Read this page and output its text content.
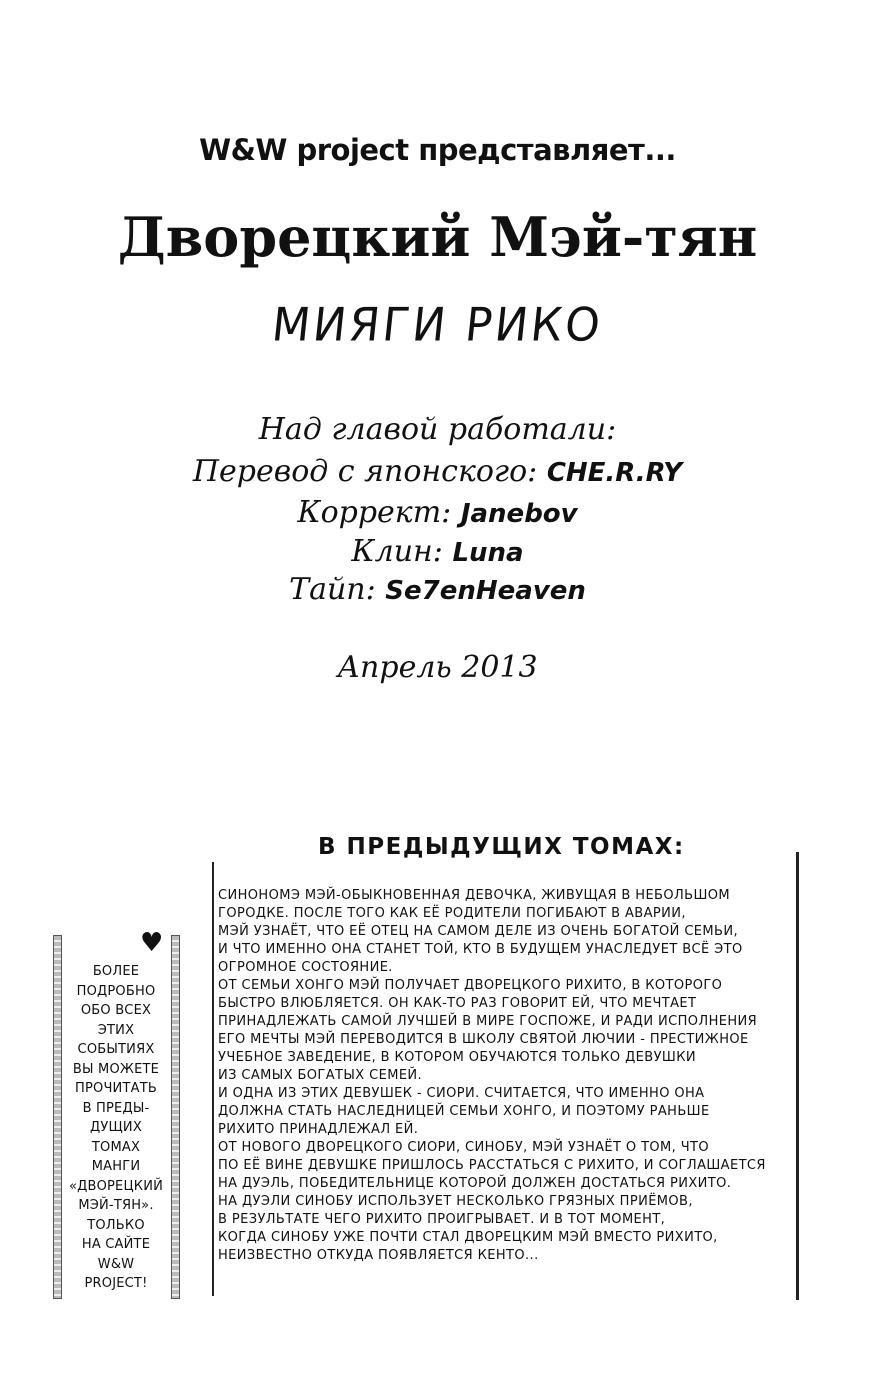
W&W project представляет...
Дворецкий Мэй-тян
МИЯГИ РИКО
Над главой работали:
Перевод с японского: CHE.R.RY
Коррект: Janebov
Клин: Luna
Тайп: Se7enHeaven
Апрель 2013
В ПРЕДЫДУЩИХ ТОМАХ:

СИНОНОМЭ МЭЙ-ОБЫКНОВЕННАЯ ДЕВОЧКА, ЖИВУЩАЯ В НЕБОЛЬШОМ

ГОРОДКЕ. ПОСЛЕ ТОГО КАК ЕЁ РОДИТЕЛИ ПОГИБАЮТ В АВАРИИ,

МЭЙ УЗНАЁТ, ЧТО ЕЁ ОТЕЦ НА САМОМ ДЕЛЕ ИЗ ОЧЕНЬ БОГАТОЙ СЕМЬИ,

И ЧТО ИМЕННО ОНА СТАНЕТ ТОЙ, КТО В БУДУЩЕМ УНАСЛЕДУЕТ ВСЁ ЭТО

ОГРОМНОЕ СОСТОЯНИЕ.

ОТ СЕМЬИ ХОНГО МЭЙ ПОЛУЧАЕТ ДВОРЕЦКОГО РИХИТО, В КОТОРОГО

БЫСТРО ВЛЮБЛЯЕТСЯ. ОН КАК-ТО РАЗ ГОВОРИТ ЕЙ, ЧТО МЕЧТАЕТ

ПРИНАДЛЕЖАТЬ САМОЙ ЛУЧШЕЙ В МИРЕ ГОСПОЖЕ, И РАДИ ИСПОЛНЕНИЯ

ЕГО МЕЧТЫ МЭЙ ПЕРЕВОДИТСЯ В ШКОЛУ СВЯТОЙ ЛЮЧИИ - ПРЕСТИЖНОЕ

УЧЕБНОЕ ЗАВЕДЕНИЕ, В КОТОРОМ ОБУЧАЮТСЯ ТОЛЬКО ДЕВУШКИ

ИЗ САМЫХ БОГАТЫХ СЕМЕЙ.

И ОДНА ИЗ ЭТИХ ДЕВУШЕК - СИОРИ. СЧИТАЕТСЯ, ЧТО ИМЕННО ОНА

ДОЛЖНА СТАТЬ НАСЛЕДНИЦЕЙ СЕМЬИ ХОНГО, И ПОЭТОМУ РАНЬШЕ

РИХИТО ПРИНАДЛЕЖАЛ ЕЙ.

ОТ НОВОГО ДВОРЕЦКОГО СИОРИ, СИНОБУ, МЭЙ УЗНАЁТ О ТОМ, ЧТО

ПО ЕЁ ВИНЕ ДЕВУШКЕ ПРИШЛОСЬ РАССТАТЬСЯ С РИХИТО, И СОГЛАШАЕТСЯ

НА ДУЭЛЬ, ПОБЕДИТЕЛЬНИЦЕ КОТОРОЙ ДОЛЖЕН ДОСТАТЬСЯ РИХИТО.

НА ДУЭЛИ СИНОБУ ИСПОЛЬЗУЕТ НЕСКОЛЬКО ГРЯЗНЫХ ПРИЁМОВ,

В РЕЗУЛЬТАТЕ ЧЕГО РИХИТО ПРОИГРЫВАЕТ. И В ТОТ МОМЕНТ,

КОГДА СИНОБУ УЖЕ ПОЧТИ СТАЛ ДВОРЕЦКИМ МЭЙ ВМЕСТО РИХИТО,

НЕИЗВЕСТНО ОТКУДА ПОЯВЛЯЕТСЯ КЕНТО...

♥
БОЛЕЕ
ПОДРОБНО
ОБО ВСЕХ
ЭТИХ
СОБЫТИЯХ
ВЫ МОЖЕТЕ
ПРОЧИТАТЬ
В ПРЕДЫ-
ДУЩИХ
ТОМАХ
МАНГИ
«ДВОРЕЦКИЙ
МЭЙ-ТЯН».
ТОЛЬКО
НА САЙТЕ
W&W
PROJECT!
